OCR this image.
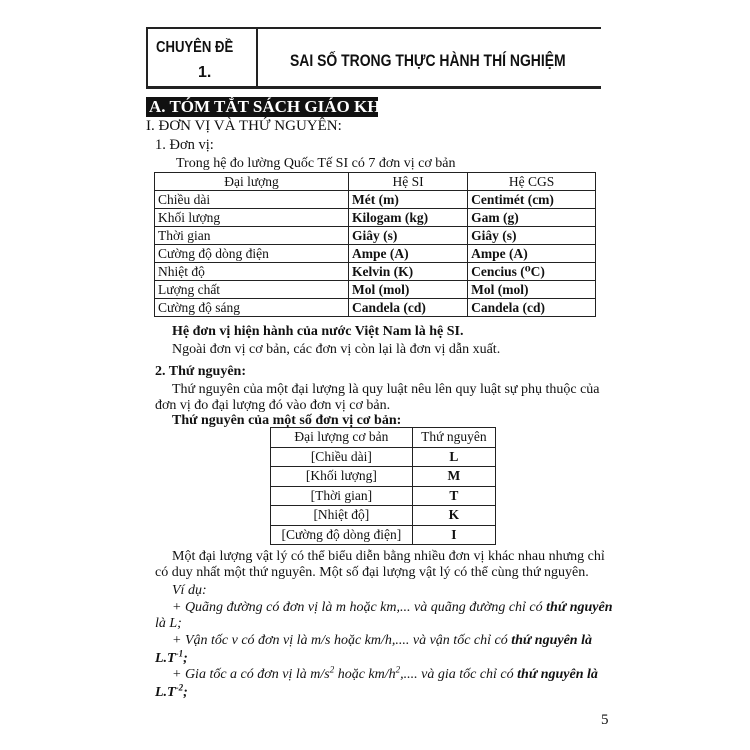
CHUYÊN ĐỀ
1.
SAI SỐ TRONG THỰC HÀNH THÍ NGHIỆM
A. TÓM TẮT SÁCH GIÁO KHOA
I. ĐƠN VỊ VÀ THỨ NGUYÊN:
1. Đơn vị:
Trong hệ đo lường Quốc Tế SI có 7 đơn vị cơ bản
Đại lượng	Hệ SI	Hệ CGS
Chiều dài	Mét (m)	Centimét (cm)
Khối lượng	Kilogam (kg)	Gam (g)
Thời gian	Giây (s)	Giây (s)
Cường độ dòng điện	Ampe (A)	Ampe (A)
Nhiệt độ	Kelvin (K)	Cencius (⁰C)
Lượng chất	Mol (mol)	Mol (mol)
Cường độ sáng	Candela (cd)	Candela (cd)
Hệ đơn vị hiện hành của nước Việt Nam là hệ SI.
Ngoài đơn vị cơ bản, các đơn vị còn lại là đơn vị dẫn xuất.
2. Thứ nguyên:
Thứ nguyên của một đại lượng là quy luật nêu lên quy luật sự phụ thuộc của
đơn vị đo đại lượng đó vào đơn vị cơ bản.
Thứ nguyên của một số đơn vị cơ bản:
Đại lượng cơ bản	Thứ nguyên
[Chiều dài]	L
[Khối lượng]	M
[Thời gian]	T
[Nhiệt độ]	K
[Cường độ dòng điện]	I
Một đại lượng vật lý có thể biểu diễn bằng nhiều đơn vị khác nhau nhưng chỉ
có duy nhất một thứ nguyên. Một số đại lượng vật lý có thể cùng thứ nguyên.
Ví dụ:
+ Quãng đường có đơn vị là m hoặc km,... và quãng đường chỉ có thứ nguyên
là L;
+ Vận tốc v có đơn vị là m/s hoặc km/h,.... và vận tốc chỉ có thứ nguyên là
$L.T^{-1}$;
+ Gia tốc a có đơn vị là $m/s^2$ hoặc $km/h^2$,.... và gia tốc chỉ có thứ nguyên là
$L.T^{-2}$;
5
